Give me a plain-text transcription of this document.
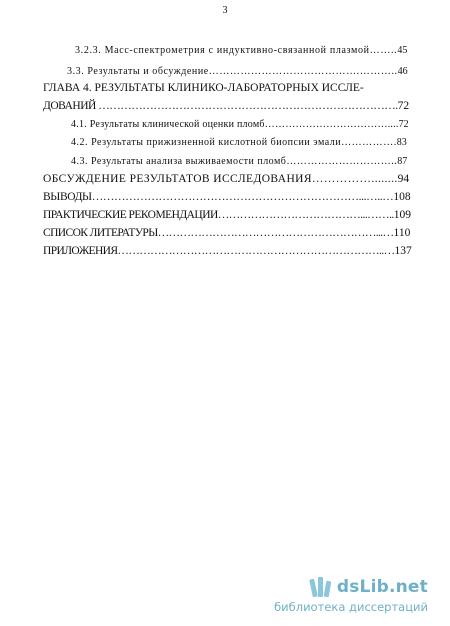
3
3.2.3. Масс-спектрометрия с индуктивно-связанной плазмой……..45
3.3. Результаты и обсуждение…………………………………….………..46
ГЛАВА 4. РЕЗУЛЬТАТЫ КЛИНИКО-ЛАБОРАТОРНЫХ ИССЛЕ-
ДОВАНИЙ ……………………………………………………………………….72
4.1. Результаты клинической оценки пломб………………………………....72
4.2. Результаты прижизненной кислотной биопсии эмали…………….83
4.3. Результаты анализа выживаемости пломб…………………………..87
ОБСУЖДЕНИЕ РЕЗУЛЬТАТОВ ИССЛЕДОВАНИЯ……………........94
ВЫВОДЫ………………………………………………………………...…..…108
ПРАКТИЧЕСКИЕ РЕКОМЕНДАЦИИ…………………………………...……..109
СПИСОК ЛИТЕРАТУРЫ……………………………………………………...…110
ПРИЛОЖЕНИЯ………………………………………………………………..…137
dsLib.net
библиотека диссертаций
